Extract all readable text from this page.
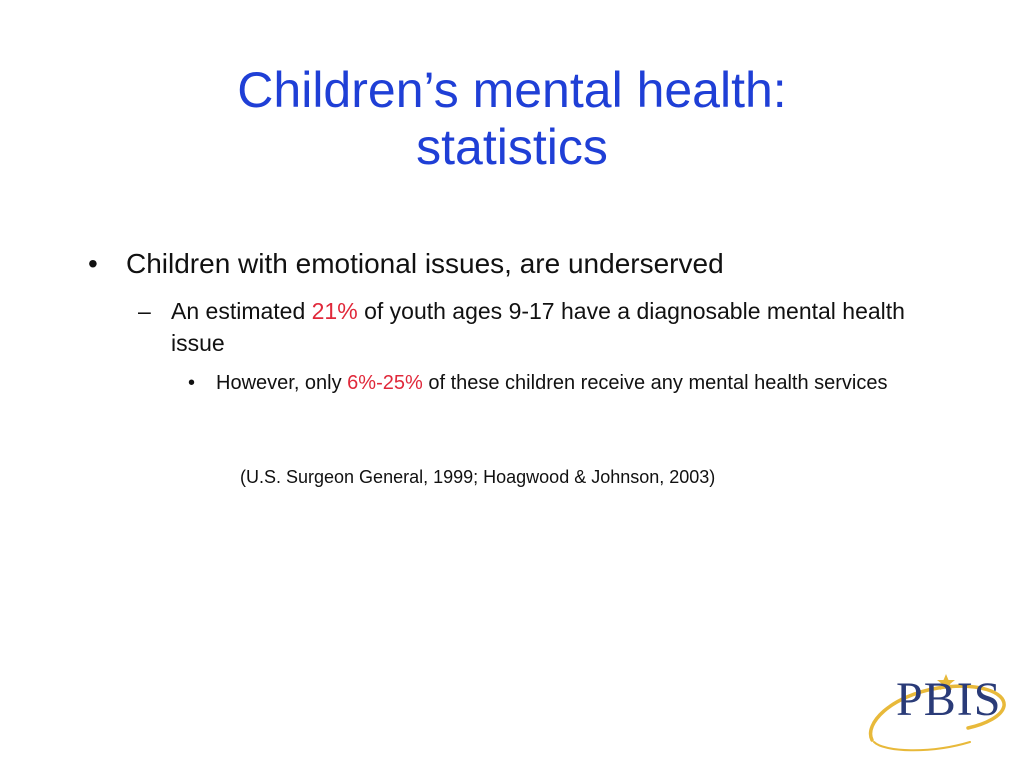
Children’s mental health:
statistics
• Children with emotional issues, are underserved
– An estimated 21% of youth ages 9-17 have a diagnosable mental health issue
• However, only 6%-25% of these children receive any mental health services
(U.S. Surgeon General, 1999; Hoagwood & Johnson, 2003)
PBIS
